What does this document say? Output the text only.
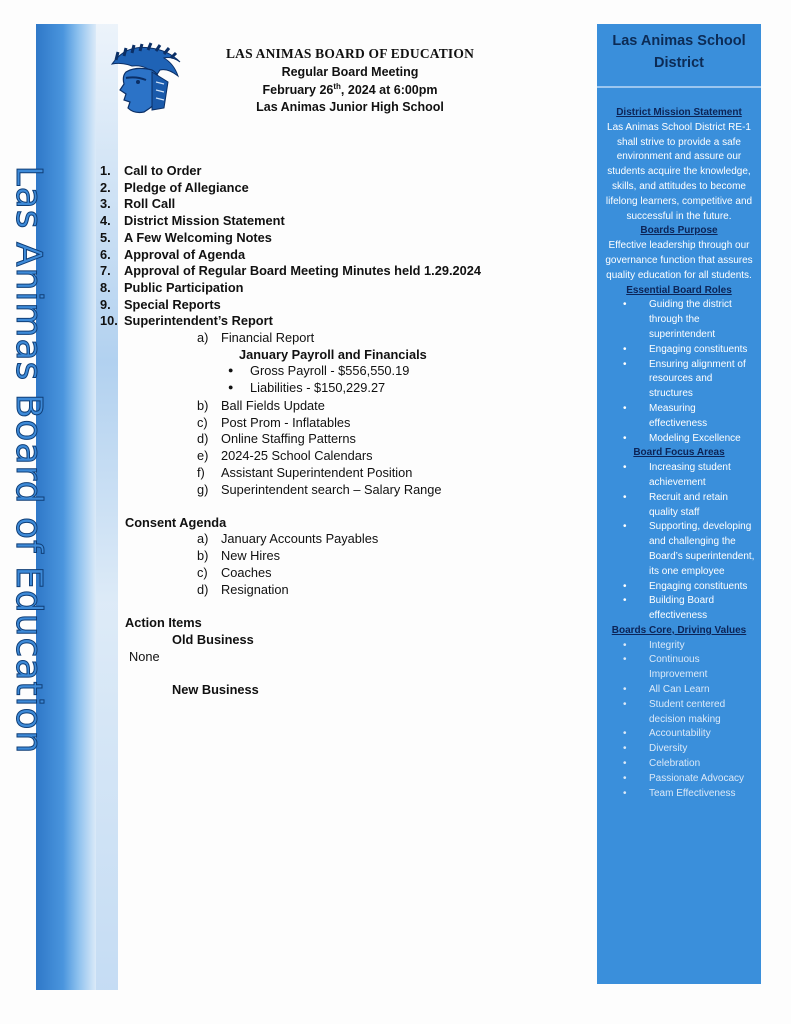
Las Animas Board of Education
LAS ANIMAS BOARD OF EDUCATION
Regular Board Meeting
February 26th, 2024 at 6:00pm
Las Animas Junior High School
1. Call to Order
2. Pledge of Allegiance
3. Roll Call
4. District Mission Statement
5. A Few Welcoming Notes
6. Approval of Agenda
7. Approval of Regular Board Meeting Minutes held 1.29.2024
8. Public Participation
9. Special Reports
10. Superintendent’s Report
a) Financial Report
January Payroll and Financials
● Gross Payroll - $556,550.19
● Liabilities - $150,229.27
b) Ball Fields Update
c) Post Prom - Inflatables
d) Online Staffing Patterns
e) 2024-25 School Calendars
f) Assistant Superintendent Position
g) Superintendent search – Salary Range
Consent Agenda
a) January Accounts Payables
b) New Hires
c) Coaches
d) Resignation
Action Items
Old Business
None
New Business
Las Animas School
District
District Mission Statement
Las Animas School District RE-1 shall strive to provide a safe environment and assure our students acquire the knowledge, skills, and attitudes to become lifelong learners, competitive and successful in the future.
Boards Purpose
Effective leadership through our governance function that assures quality education for all students.
Essential Board Roles
• Guiding the district through the superintendent
• Engaging constituents
• Ensuring alignment of resources and structures
• Measuring effectiveness
• Modeling Excellence
Board Focus Areas
• Increasing student achievement
• Recruit and retain quality staff
• Supporting, developing and challenging the Board’s superintendent, its one employee
• Engaging constituents
• Building Board effectiveness
Boards Core, Driving Values
• Integrity
• Continuous Improvement
• All Can Learn
• Student centered decision making
• Accountability
• Diversity
• Celebration
• Passionate Advocacy
• Team Effectiveness
